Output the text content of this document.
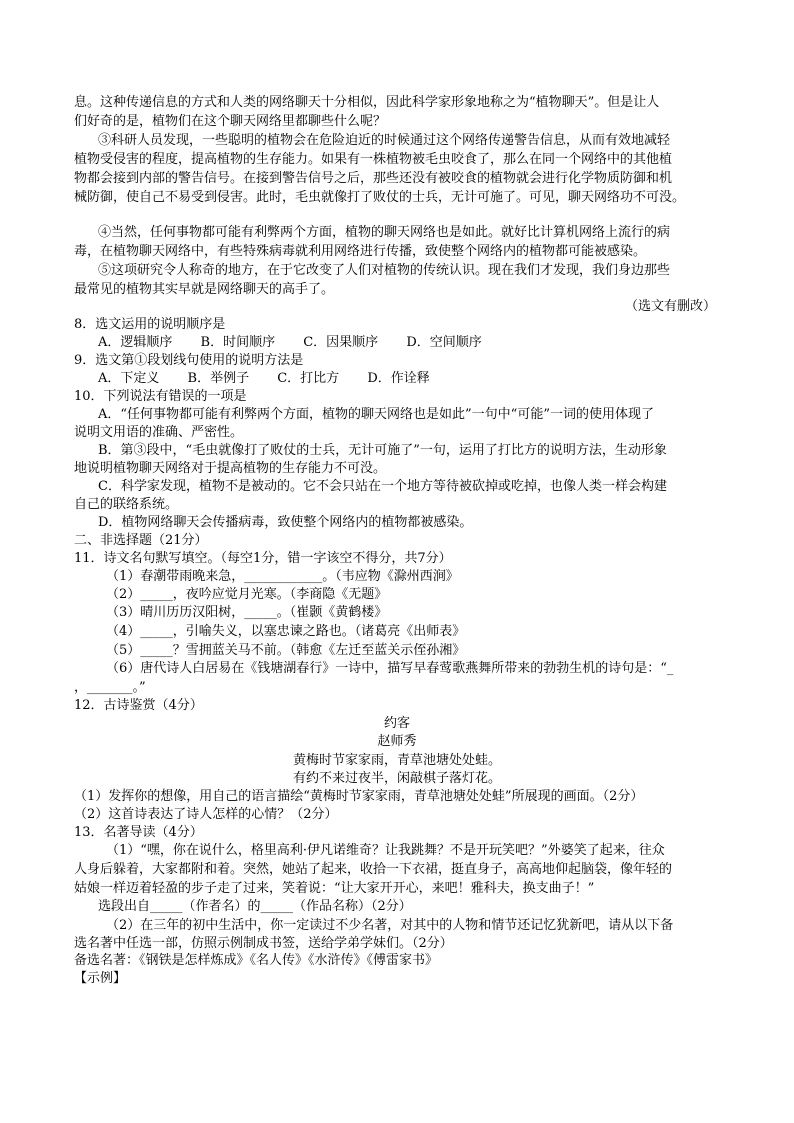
息。这种传递信息的方式和人类的网络聊天十分相似，因此科学家形象地称之为“植物聊天”。但是让人
们好奇的是，植物们在这个聊天网络里都聊些什么呢？
③科研人员发现，一些聪明的植物会在危险迫近的时候通过这个网络传递警告信息，从而有效地减轻
植物受侵害的程度，提高植物的生存能力。如果有一株植物被毛虫咬食了，那么在同一个网络中的其他植
物都会接到内部的警告信号。在接到警告信号之后，那些还没有被咬食的植物就会进行化学物质防御和机
械防御，使自己不易受到侵害。此时，毛虫就像打了败仗的士兵，无计可施了。可见，聊天网络功不可没。
④当然，任何事物都可能有利弊两个方面，植物的聊天网络也是如此。就好比计算机网络上流行的病
毒，在植物聊天网络中，有些特殊病毒就利用网络进行传播，致使整个网络内的植物都可能被感染。
⑤这项研究令人称奇的地方，在于它改变了人们对植物的传统认识。现在我们才发现，我们身边那些
最常见的植物其实早就是网络聊天的高手了。
（选文有删改）
8．选文运用的说明顺序是
A．逻辑顺序 B．时间顺序 C．因果顺序 D．空间顺序
9．选文第①段划线句使用的说明方法是
A．下定义 B．举例子 C．打比方 D．作诠释
10．下列说法有错误的一项是
A．“任何事物都可能有利弊两个方面，植物的聊天网络也是如此”一句中“可能”一词的使用体现了
说明文用语的准确、严密性。
B．第③段中，“毛虫就像打了败仗的士兵，无计可施了”一句，运用了打比方的说明方法，生动形象
地说明植物聊天网络对于提高植物的生存能力不可没。
C．科学家发现，植物不是被动的。它不会只站在一个地方等待被砍掉或吃掉，也像人类一样会构建
自己的联络系统。
D．植物网络聊天会传播病毒，致使整个网络内的植物都被感染。
二、非选择题（21分）
11．诗文名句默写填空。（每空1分，错一字该空不得分，共7分）
（1）春潮带雨晚来急，____________。（韦应物《滁州西涧》
（2）_____，夜吟应觉月光寒。（李商隐《无题》
（3）晴川历历汉阳树，_____。（崔颢《黄鹤楼》
（4）_____，引喻失义，以塞忠谏之路也。（诸葛亮《出师表》
（5）_____？雪拥蓝关马不前。（韩愈《左迁至蓝关示侄孙湘》
（6）唐代诗人白居易在《钱塘湖春行》一诗中，描写早春莺歌燕舞所带来的勃勃生机的诗句是：“_
，_______。”
12．古诗鉴赏（4分）
约客
赵师秀
黄梅时节家家雨，青草池塘处处蛙。
有约不来过夜半，闲敲棋子落灯花。
（1）发挥你的想像，用自己的语言描绘“黄梅时节家家雨，青草池塘处处蛙”所展现的画面。（2分）
（2）这首诗表达了诗人怎样的心情？（2分）
13．名著导读（4分）
（1）“嘿，你在说什么，格里高利·伊凡诺维奇？让我跳舞？不是开玩笑吧？”外婆笑了起来，往众
人身后躲着，大家都附和着。突然，她站了起来，收拾一下衣裙，挺直身子，高高地仰起脑袋，像年轻的
姑娘一样迈着轻盈的步子走了过来，笑着说：“让大家开开心，来吧！雅科夫，换支曲子！”
选段出自_____（作者名）的_____（作品名称）（2分）
（2）在三年的初中生活中，你一定读过不少名著，对其中的人物和情节还记忆犹新吧，请从以下备
选名著中任选一部，仿照示例制成书签，送给学弟学妹们。（2分）
备选名著：《钢铁是怎样炼成》《名人传》《水浒传》《傅雷家书》
【示例】
